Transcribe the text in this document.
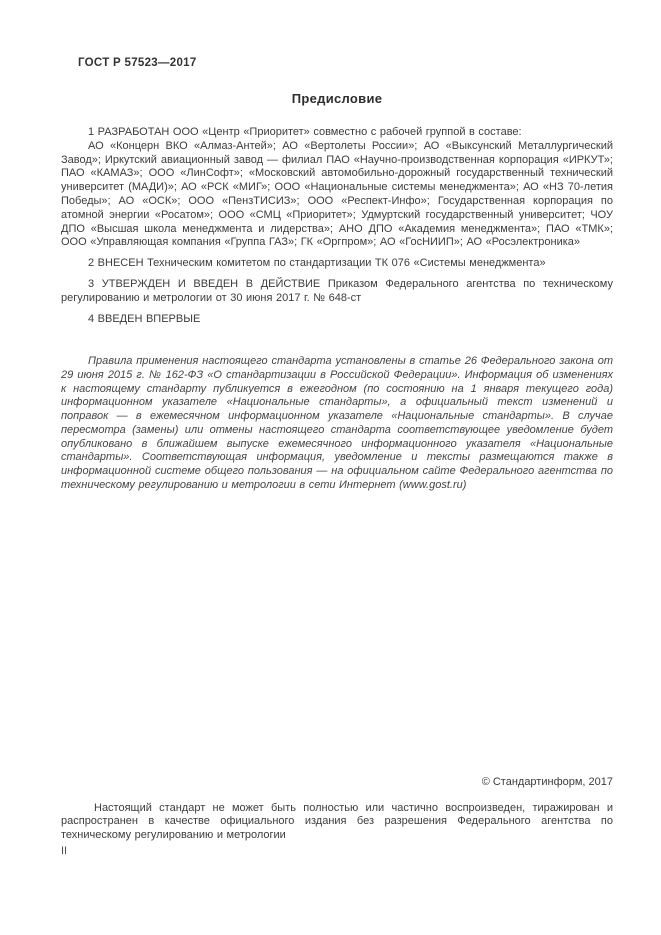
ГОСТ Р 57523—2017
Предисловие
1 РАЗРАБОТАН ООО «Центр «Приоритет» совместно с рабочей группой в составе:
АО «Концерн ВКО «Алмаз-Антей»; АО «Вертолеты России»; АО «Выксунский Металлургический Завод»; Иркутский авиационный завод — филиал ПАО «Научно-производственная корпорация «ИРКУТ»; ПАО «КАМАЗ»; ООО «ЛинСофт»; «Московский автомобильно-дорожный государственный технический университет (МАДИ)»; АО «РСК «МИГ»; ООО «Национальные системы менеджмента»; АО «НЗ 70-летия Победы»; АО «ОСК»; ООО «ПензТИСИЗ»; ООО «Респект-Инфо»; Государственная корпорация по атомной энергии «Росатом»; ООО «СМЦ «Приоритет»; Удмуртский государственный университет; ЧОУ ДПО «Высшая школа менеджмента и лидерства»; АНО ДПО «Академия менеджмента»; ПАО «ТМК»; ООО «Управляющая компания «Группа ГАЗ»; ГК «Оргпром»; АО «ГосНИИП»; АО «Росэлектроника»
2 ВНЕСЕН Техническим комитетом по стандартизации ТК 076 «Системы менеджмента»
3 УТВЕРЖДЕН И ВВЕДЕН В ДЕЙСТВИЕ Приказом Федерального агентства по техническому регулированию и метрологии от 30 июня 2017 г. № 648-ст
4 ВВЕДЕН ВПЕРВЫЕ
Правила применения настоящего стандарта установлены в статье 26 Федерального закона от 29 июня 2015 г. № 162-ФЗ «О стандартизации в Российской Федерации». Информация об изменениях к настоящему стандарту публикуется в ежегодном (по состоянию на 1 января текущего года) информационном указателе «Национальные стандарты», а официальный текст изменений и поправок — в ежемесячном информационном указателе «Национальные стандарты». В случае пересмотра (замены) или отмены настоящего стандарта соответствующее уведомление будет опубликовано в ближайшем выпуске ежемесячного информационного указателя «Национальные стандарты». Соответствующая информация, уведомление и тексты размещаются также в информационной системе общего пользования — на официальном сайте Федерального агентства по техническому регулированию и метрологии в сети Интернет (www.gost.ru)
© Стандартинформ, 2017
Настоящий стандарт не может быть полностью или частично воспроизведен, тиражирован и распространен в качестве официального издания без разрешения Федерального агентства по техническому регулированию и метрологии
II
